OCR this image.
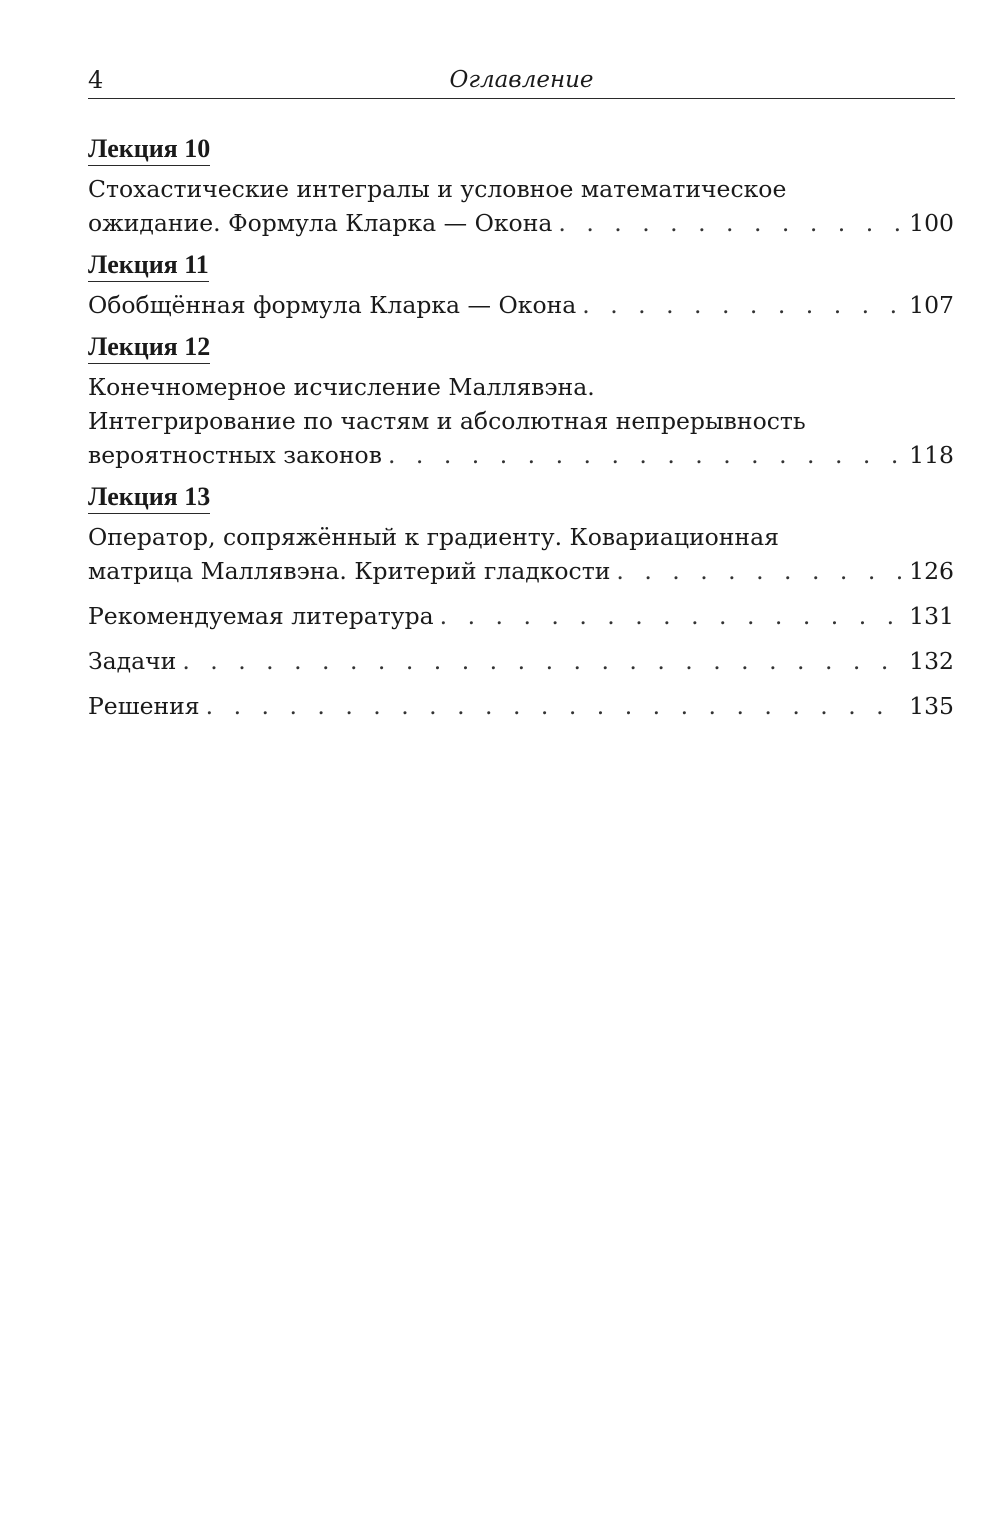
4	Оглавление
Лекция 10
Стохастические интегралы и условное математическое
ожидание. Формула Кларка — Окона . . .	100
Лекция 11
Обобщённая формула Кларка — Окона . . .	107
Лекция 12
Конечномерное исчисление Маллявэна.
Интегрирование по частям и абсолютная непрерывность
вероятностных законов . . .	118
Лекция 13
Оператор, сопряжённый к градиенту. Ковариационная
матрица Маллявэна. Критерий гладкости . . .	126
Рекомендуемая литература . . .	131
Задачи . . .	132
Решения . . .	135
